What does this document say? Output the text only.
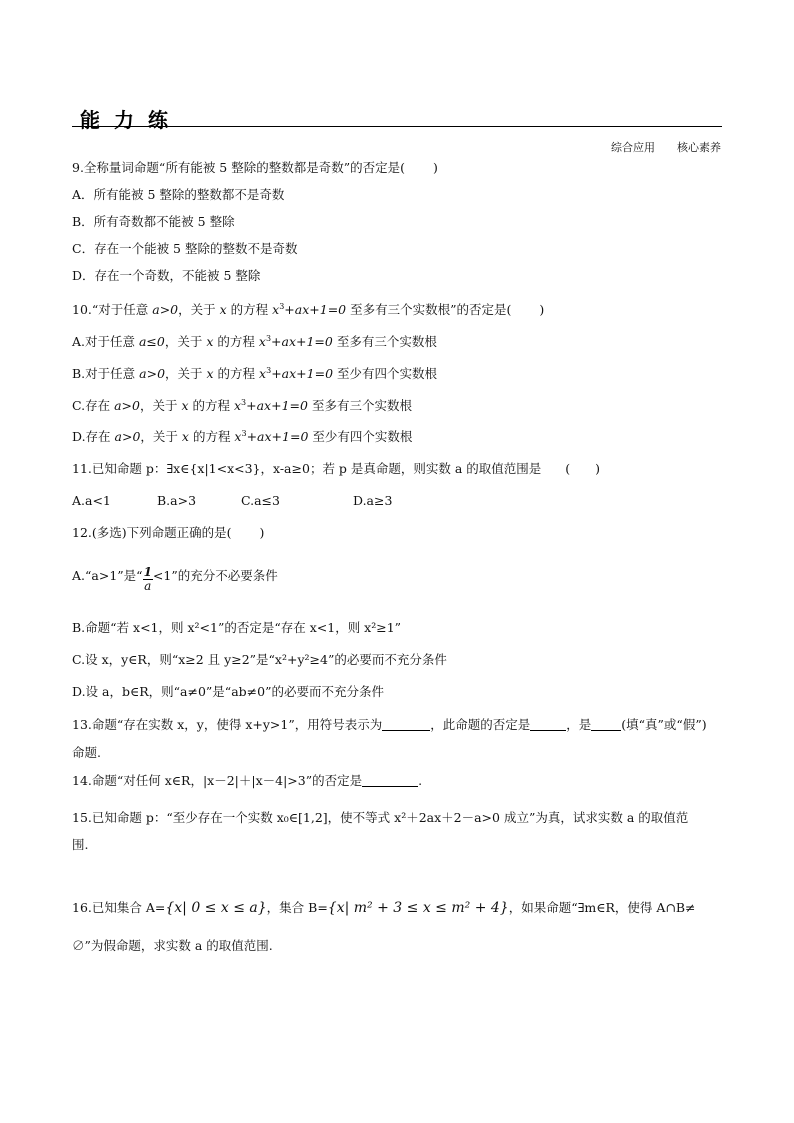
能力练
综合应用 核心素养
9.全称量词命题“所有能被 5 整除的整数都是奇数”的否定是( )
A．所有能被 5 整除的整数都不是奇数
B．所有奇数都不能被 5 整除
C．存在一个能被 5 整除的整数不是奇数
D．存在一个奇数，不能被 5 整除
10.“对于任意 a>0，关于 x 的方程 $x^3+ax+1=0$ 至多有三个实数根”的否定是( )
A.对于任意 a≤0，关于 x 的方程 $x^3+ax+1=0$ 至多有三个实数根
B.对于任意 a>0，关于 x 的方程 $x^3+ax+1=0$ 至少有四个实数根
C.存在 a>0，关于 x 的方程 $x^3+ax+1=0$ 至多有三个实数根
D.存在 a>0，关于 x 的方程 $x^3+ax+1=0$ 至少有四个实数根
11.已知命题 p：∃x∈{x|1<x<3}，x-a≥0；若 p 是真命题，则实数 a 的取值范围是 (　　)
A.a<1	B.a>3	C.a≤3	D.a≥3
12.(多选)下列命题正确的是( )
A.“a>1”是“ $\frac{1}{a} <1$”的充分不必要条件
B.命题“若 x<1，则 x²<1”的否定是“存在 x<1，则 x²≥1”
C.设 x，y∈R，则“x≥2 且 y≥2”是“x²+y²≥4”的必要而不充分条件
D.设 a，b∈R，则“a≠0”是“ab≠0”的必要而不充分条件
13.命题“存在实数 x，y，使得 x+y>1”，用符号表示为	，此命题的否定是	，是 (填“真”或“假”)
命题.
14.命题“对任何 x∈R，|x－2|＋|x－4|>3”的否定是	.
15.已知命题 p：“至少存在一个实数 x₀∈[1,2]，使不等式 x²＋2ax＋2－a>0 成立”为真，试求实数 a 的取值范
围.
16.已知集合 A={x| 0 ≤ x ≤ a}，集合 B={x| m² + 3 ≤ x ≤ m² + 4}，如果命题“∃m∈R，使得 A∩B≠
∅”为假命题，求实数 a 的取值范围.
